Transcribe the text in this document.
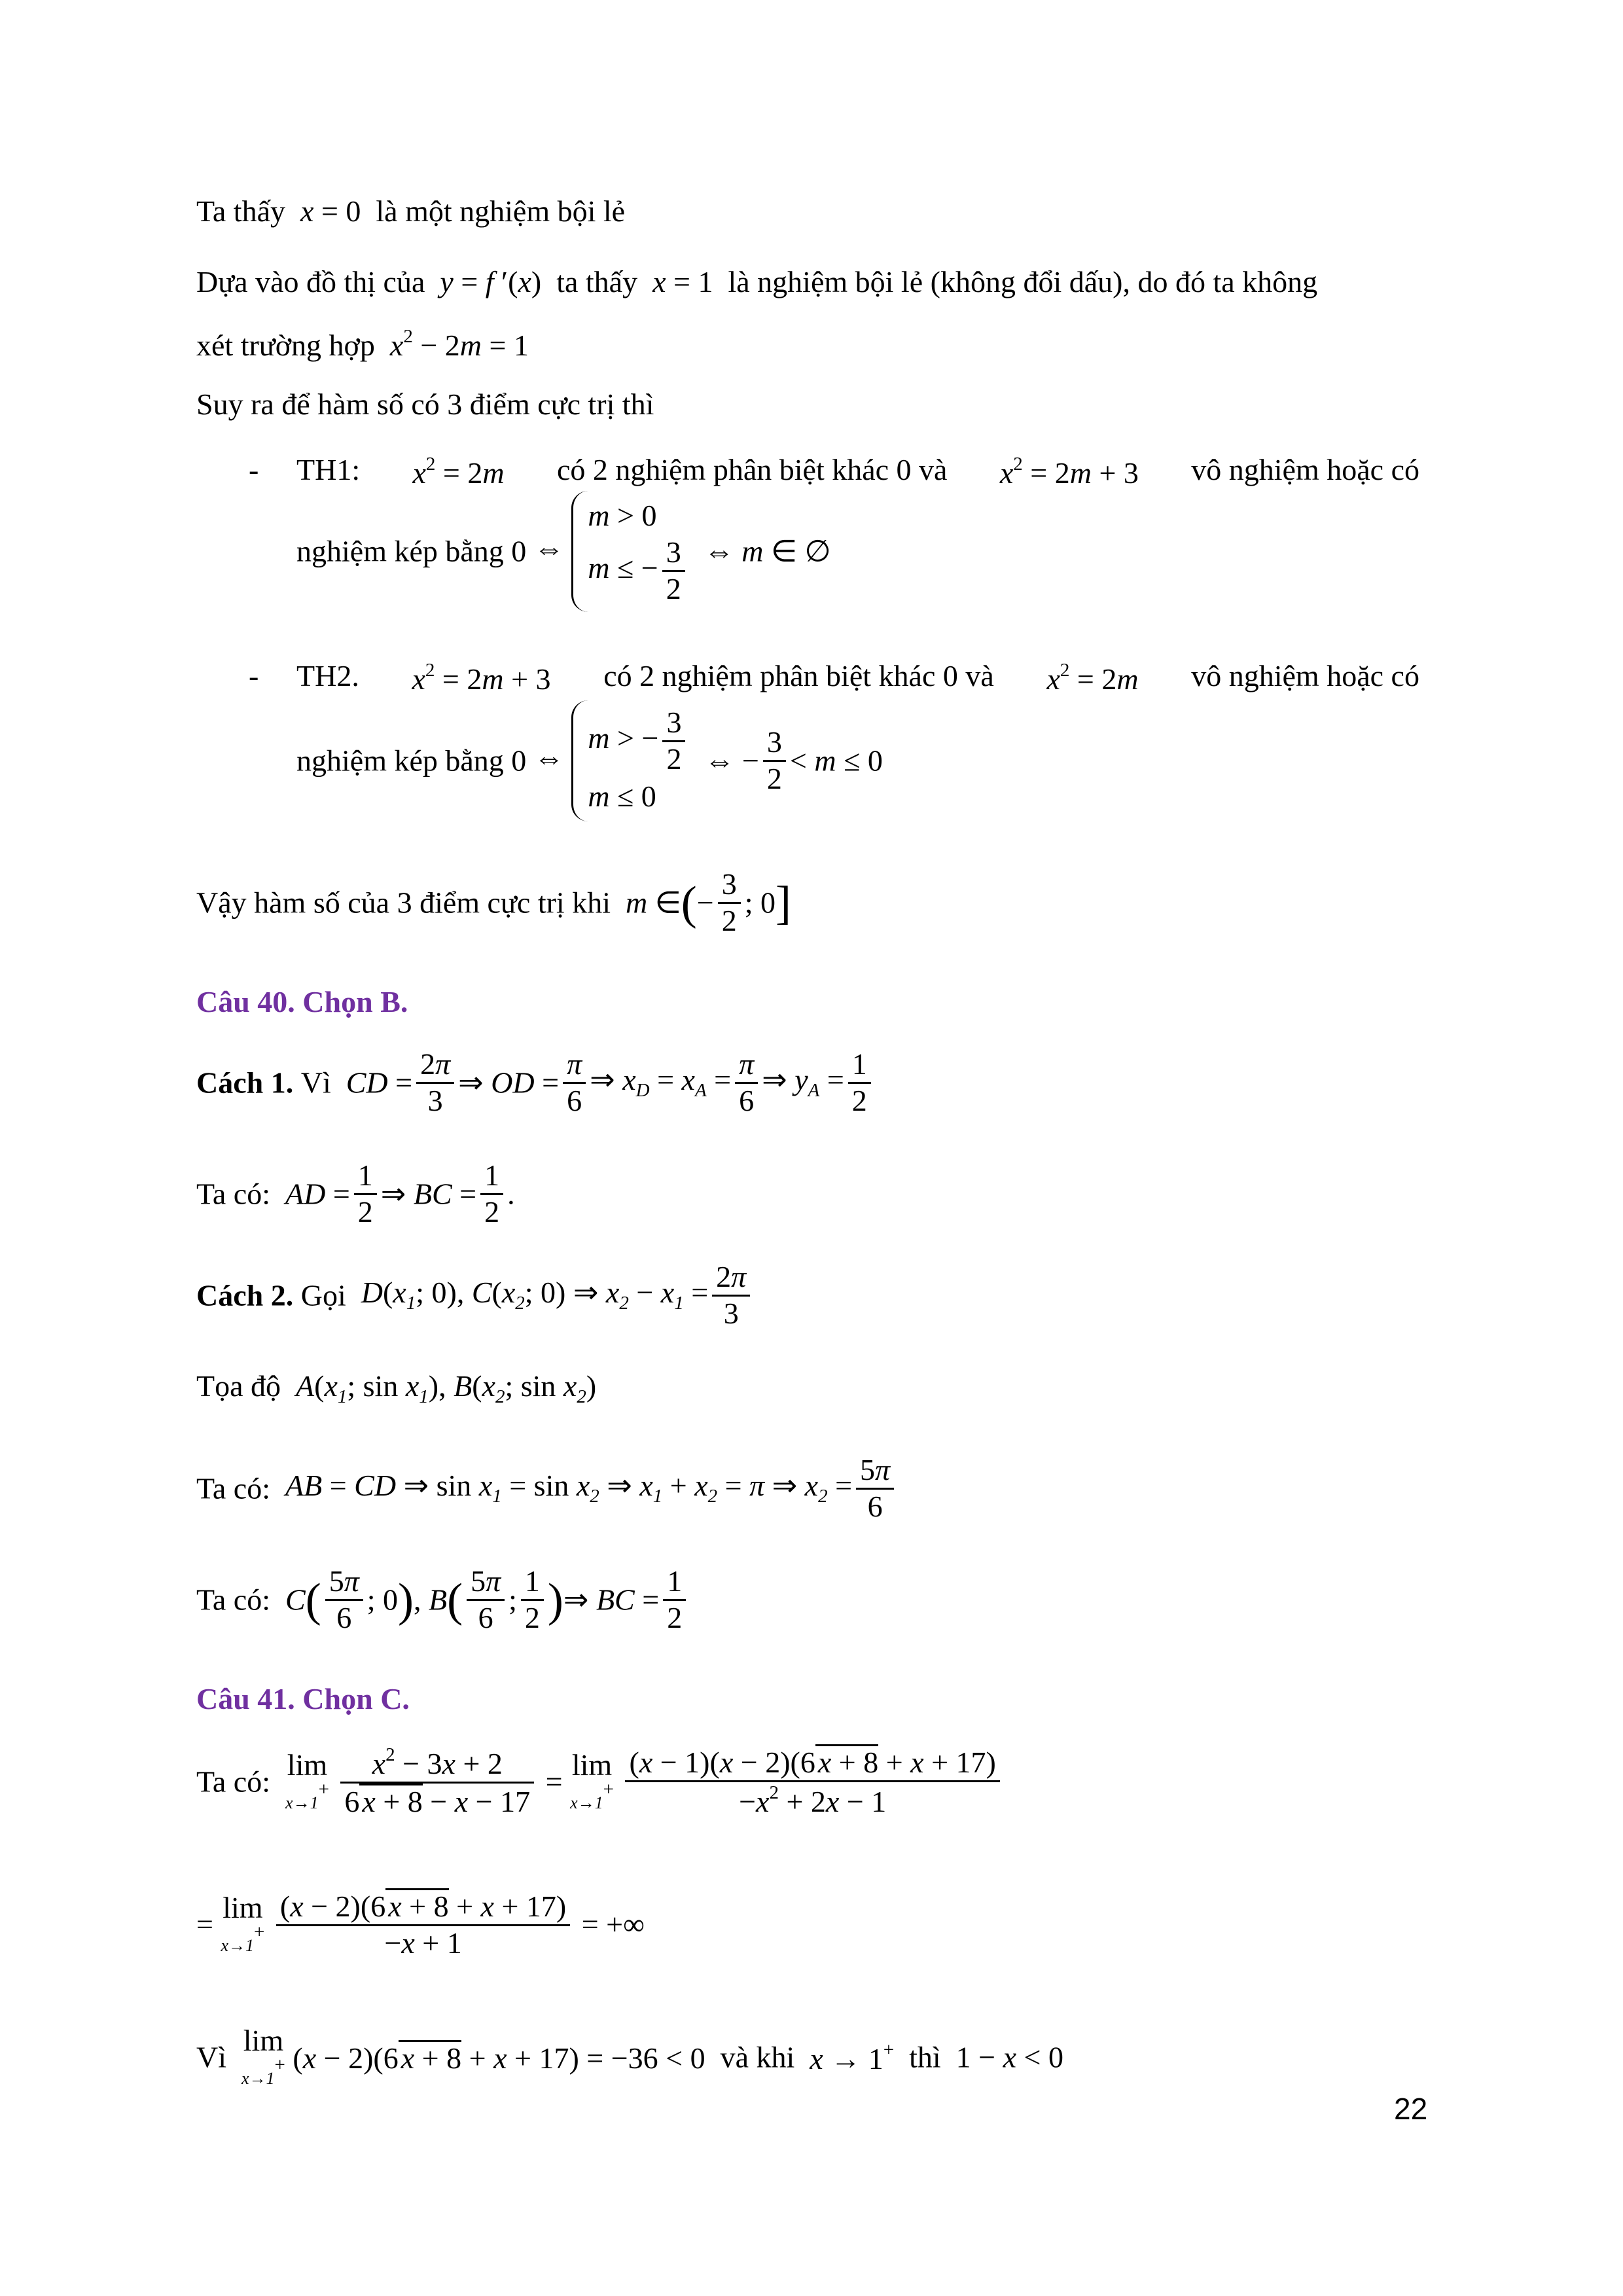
Ta thấy x = 0  là một nghiệm bội lẻ
Dựa vào đồ thị của y = f ′(x)  ta thấy x = 1  là nghiệm bội lẻ (không đổi dấu), do đó ta không
xét trường hợp $x^2 - 2m = 1$
Suy ra để hàm số có 3 điểm cực trị thì
- TH1: $x^2 = 2m$ có 2 nghiệm phân biệt khác 0 và $x^2 = 2m + 3$ vô nghiệm hoặc có
nghiệm kép bằng 0 ⇔
m > 0
m ≤ − $\frac{3}{2}$ ⇔ m ∈ ∅
- TH2. $x^2 = 2m + 3$ có 2 nghiệm phân biệt khác 0 và $x^2 = 2m$ vô nghiệm hoặc có
nghiệm kép bằng 0 ⇔
m > − $\frac{3}{2}$
m ≤ 0
⇔ − $\frac{3}{2} < m \le 0$
Vậy hàm số của 3 điểm cực trị khi m ∈(− $\frac{3}{2}$ ; 0]
Câu 40. Chọn B.
Cách 1. Vì CD = $\frac{2\pi}{3}$ ⇒ OD = $\frac{\pi}{6}$ ⇒ $x_D = x_A = \frac{\pi}{6}$ ⇒ $y_A = \frac{1}{2}$
Ta có: AD = $\frac{1}{2}$ ⇒ BC = $\frac{1}{2}$ .
Cách 2. Gọi $D(x_1$; 0), $C(x_2$; 0) ⇒ $x_2 - x_1 = \frac{2\pi}{3}$
Tọa độ $A(x_1$; $\sin x_1$), $B(x_2$; $\sin x_2$)
Ta có: AB = CD ⇒ $\sin x_1 = \sin x_2$ ⇒ $x_1 + x_2 = \pi$ ⇒ $x_2 = \frac{5\pi}{6}$
Ta có: $C( \frac{5\pi}{6}$ ; 0), $B( \frac{5\pi}{6}$ ; $\frac{1}{2}$ )⇒ BC = $\frac{1}{2}$
Câu 41. Chọn C.
Ta có: lim
x→1+
$\frac{x^2 - 3x + 2}{6x + 8 - x - 17} = \lim$
x→1+
$\frac{(x - 1)(x - 2)(6x + 8 + x + 17)}{-x^2 + 2x - 1}$
= lim
x→1+
$\frac{(x - 2)(6x + 8 + x + 17)}{-x + 1}$ = +∞
Vì lim
x→1+ (x − 2)(6x + 8 + x + 17) = −36 < 0  và khi x → 1+ thì  1 − x < 0
22
